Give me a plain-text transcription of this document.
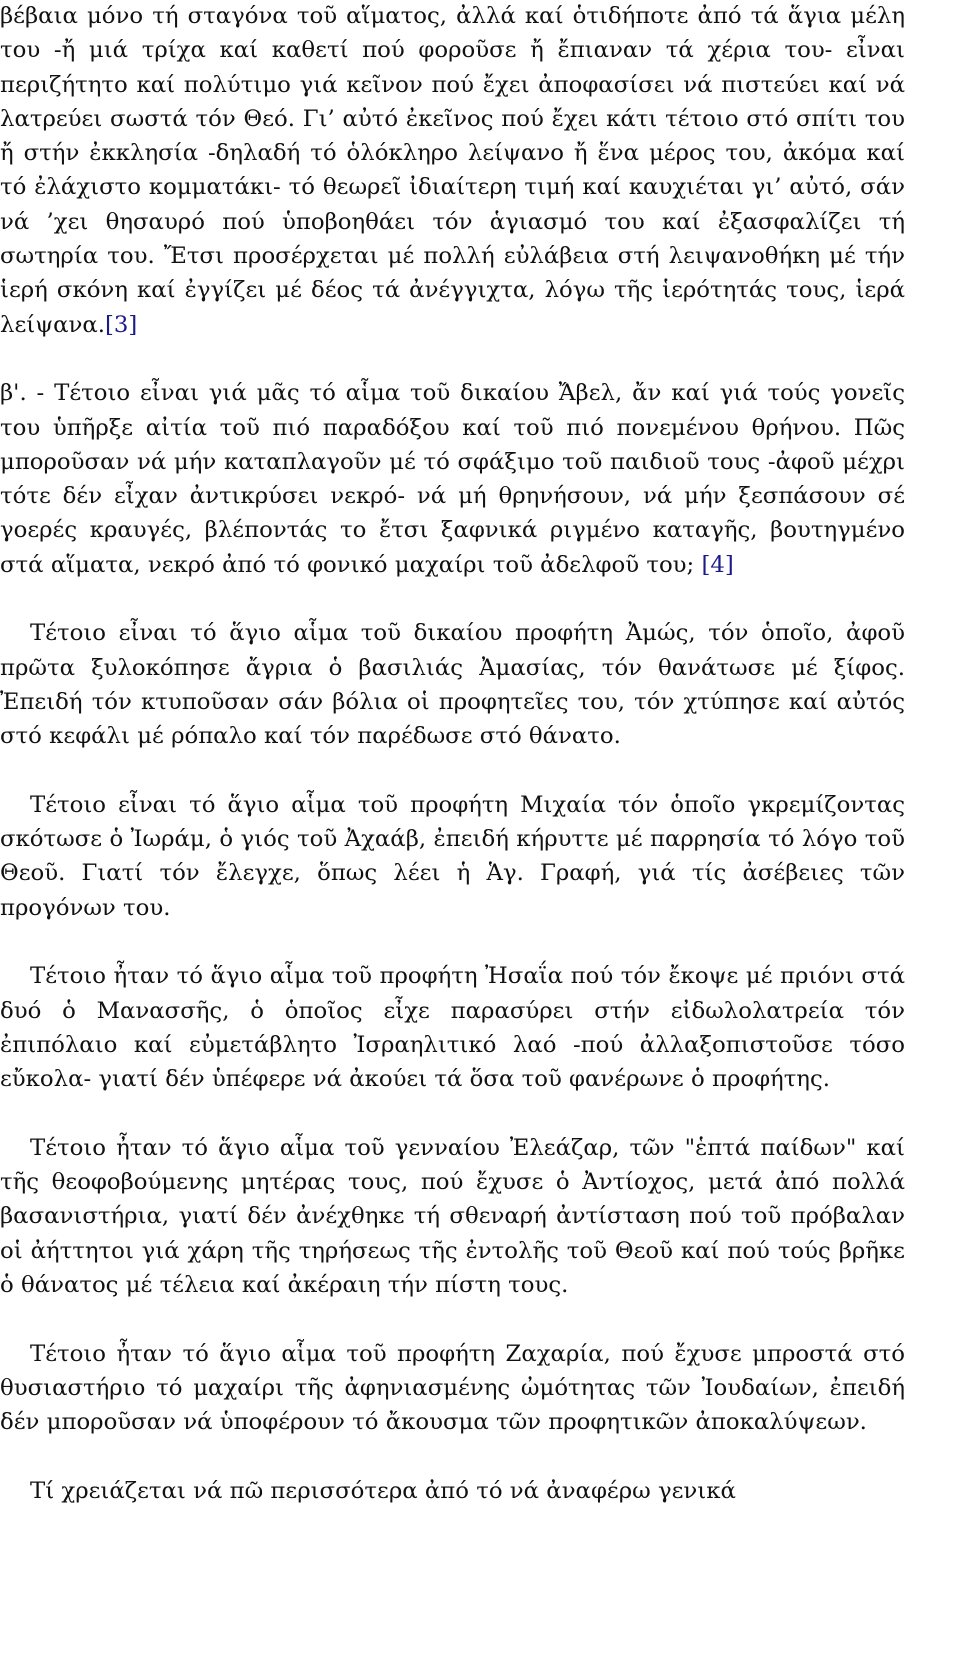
βέβαια μόνο τή σταγόνα τοῦ αἵματος, ἀλλά καί ὁτιδήποτε ἀπό τά ἅγια μέλη του -ἤ μιά τρίχα καί καθετί πού φοροῦσε ἤ ἔπιαναν τά χέρια του- εἶναι περιζήτητο καί πολύτιμο γιά κεῖνον πού ἔχει ἀποφασίσει νά πιστεύει καί νά λατρεύει σωστά τόν Θεό. Γι’ αὐτό ἐκεῖνος πού ἔχει κάτι τέτοιο στό σπίτι του ἤ στήν ἐκκλησία -δηλαδή τό ὁλόκληρο λείψανο ἤ ἕνα μέρος του, ἀκόμα καί τό ἐλάχιστο κομματάκι- τό θεωρεῖ ἰδιαίτερη τιμή καί καυχιέται γι’ αὐτό, σάν νά ’χει θησαυρό πού ὑποβοηθάει τόν ἁγιασμό του καί ἐξασφαλίζει τή σωτηρία του. Ἔτσι προσέρχεται μέ πολλή εὐλάβεια στή λειψανοθήκη μέ τήν ἱερή σκόνη καί ἐγγίζει μέ δέος τά ἀνέγγιχτα, λόγω τῆς ἱερότητάς τους, ἱερά λείψανα.[3]

β'. - Τέτοιο εἶναι γιά μᾶς τό αἷμα τοῦ δικαίου Ἄβελ, ἄν καί γιά τούς γονεῖς του ὑπῆρξε αἰτία τοῦ πιό παραδόξου καί τοῦ πιό πονεμένου θρήνου. Πῶς μποροῦσαν νά μήν καταπλαγοῦν μέ τό σφάξιμο τοῦ παιδιοῦ τους -ἀφοῦ μέχρι τότε δέν εἶχαν ἀντικρύσει νεκρό- νά μή θρηνήσουν, νά μήν ξεσπάσουν σέ γοερές κραυγές, βλέποντάς το ἔτσι ξαφνικά ριγμένο καταγῆς, βουτηγμένο στά αἵματα, νεκρό ἀπό τό φονικό μαχαίρι τοῦ ἀδελφοῦ του; [4]

Τέτοιο εἶναι τό ἅγιο αἷμα τοῦ δικαίου προφήτη Ἀμώς, τόν ὁποῖο, ἀφοῦ πρῶτα ξυλοκόπησε ἄγρια ὁ βασιλιάς Ἀμασίας, τόν θανάτωσε μέ ξίφος. Ἐπειδή τόν κτυποῦσαν σάν βόλια οἱ προφητεῖες του, τόν χτύπησε καί αὐτός στό κεφάλι μέ ρόπαλο καί τόν παρέδωσε στό θάνατο.

Τέτοιο εἶναι τό ἅγιο αἷμα τοῦ προφήτη Μιχαία τόν ὁποῖο γκρεμίζοντας σκότωσε ὁ Ἰωράμ, ὁ γιός τοῦ Ἀχαάβ, ἐπειδή κήρυττε μέ παρρησία τό λόγο τοῦ Θεοῦ. Γιατί τόν ἔλεγχε, ὅπως λέει ἡ Ἁγ. Γραφή, γιά τίς ἀσέβειες τῶν προγόνων του.

Τέτοιο ἦταν τό ἅγιο αἷμα τοῦ προφήτη Ἠσαΐα πού τόν ἔκοψε μέ πριόνι στά δυό ὁ Μανασσῆς, ὁ ὁποῖος εἶχε παρασύρει στήν εἰδωλολατρεία τόν ἐπιπόλαιο καί εὐμετάβλητο Ἰσραηλιτικό λαό -πού ἀλλαξοπιστοῦσε τόσο εὔκολα- γιατί δέν ὑπέφερε νά ἀκούει τά ὅσα τοῦ φανέρωνε ὁ προφήτης.

Τέτοιο ἦταν τό ἅγιο αἷμα τοῦ γενναίου Ἐλεάζαρ, τῶν "ἑπτά παίδων" καί τῆς θεοφοβούμενης μητέρας τους, πού ἔχυσε ὁ Ἀντίοχος, μετά ἀπό πολλά βασανιστήρια, γιατί δέν ἀνέχθηκε τή σθεναρή ἀντίσταση πού τοῦ πρόβαλαν οἱ ἀήττητοι γιά χάρη τῆς τηρήσεως τῆς ἐντολῆς τοῦ Θεοῦ καί πού τούς βρῆκε ὁ θάνατος μέ τέλεια καί ἀκέραιη τήν πίστη τους.

Τέτοιο ἦταν τό ἅγιο αἷμα τοῦ προφήτη Ζαχαρία, πού ἔχυσε μπροστά στό θυσιαστήριο τό μαχαίρι τῆς ἀφηνιασμένης ὠμότητας τῶν Ἰουδαίων, ἐπειδή δέν μποροῦσαν νά ὑποφέρουν τό ἄκουσμα τῶν προφητικῶν ἀποκαλύψεων.

Τί χρειάζεται νά πῶ περισσότερα ἀπό τό νά ἀναφέρω γενικά
